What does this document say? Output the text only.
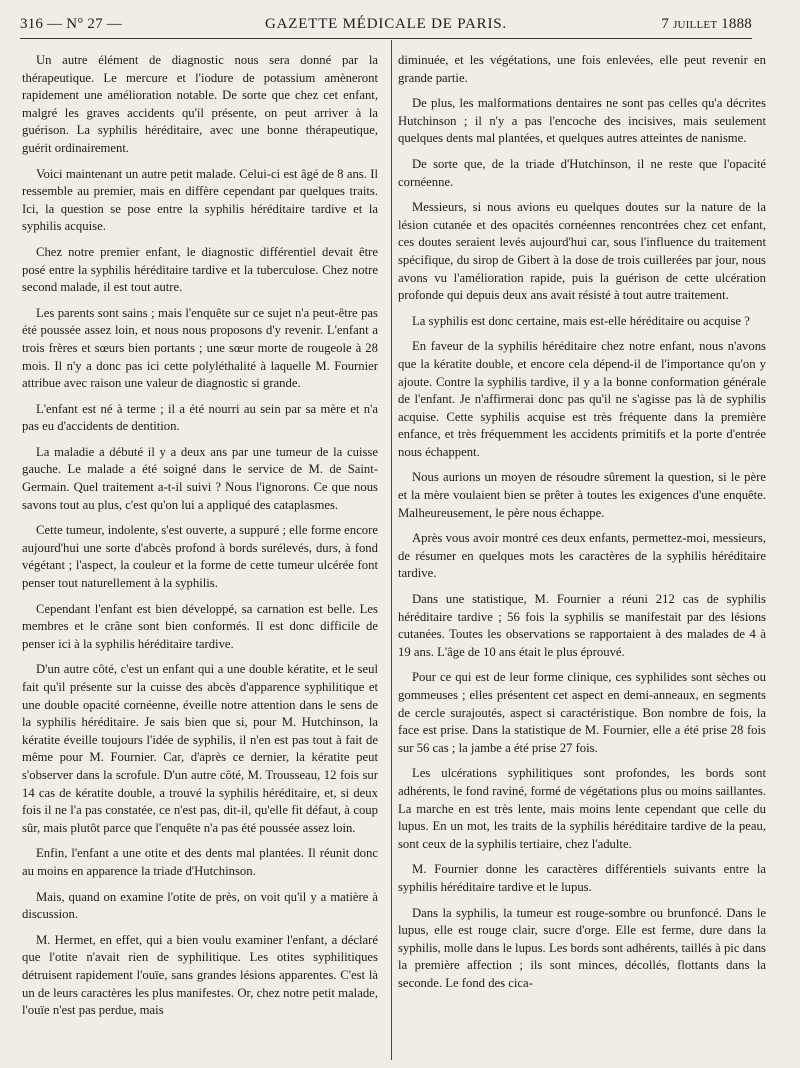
316 — N° 27 —	GAZETTE MÉDICALE DE PARIS.	7 juillet 1888

Un autre élément de diagnostic nous sera donné par la thérapeutique. Le mercure et l'iodure de potassium amèneront rapidement une amélioration notable. De sorte que chez cet enfant, malgré les graves accidents qu'il présente, on peut arriver à la guérison. La syphilis héréditaire, avec une bonne thérapeutique, guérit ordinairement.

Voici maintenant un autre petit malade. Celui-ci est âgé de 8 ans. Il ressemble au premier, mais en diffère cependant par quelques traits. Ici, la question se pose entre la syphilis héréditaire tardive et la syphilis acquise.

Chez notre premier enfant, le diagnostic différentiel devait être posé entre la syphilis héréditaire tardive et la tuberculose. Chez notre second malade, il est tout autre.

Les parents sont sains ; mais l'enquête sur ce sujet n'a peut-être pas été poussée assez loin, et nous nous proposons d'y revenir. L'enfant a trois frères et sœurs bien portants ; une sœur morte de rougeole à 28 mois. Il n'y a donc pas ici cette polyléthalité à laquelle M. Fournier attribue avec raison une valeur de diagnostic si grande.

L'enfant est né à terme ; il a été nourri au sein par sa mère et n'a pas eu d'accidents de dentition.

La maladie a débuté il y a deux ans par une tumeur de la cuisse gauche. Le malade a été soigné dans le service de M. de Saint-Germain. Quel traitement a-t-il suivi ? Nous l'ignorons. Ce que nous savons tout au plus, c'est qu'on lui a appliqué des cataplasmes.

Cette tumeur, indolente, s'est ouverte, a suppuré ; elle forme encore aujourd'hui une sorte d'abcès profond à bords surélevés, durs, à fond végétant ; l'aspect, la couleur et la forme de cette tumeur ulcérée font penser tout naturellement à la syphilis.

Cependant l'enfant est bien développé, sa carnation est belle. Les membres et le crâne sont bien conformés. Il est donc difficile de penser ici à la syphilis héréditaire tardive.

D'un autre côté, c'est un enfant qui a une double kératite, et le seul fait qu'il présente sur la cuisse des abcès d'apparence syphilitique et une double opacité cornéenne, éveille notre attention dans le sens de la syphilis héréditaire. Je sais bien que si, pour M. Hutchinson, la kératite éveille toujours l'idée de syphilis, il n'en est pas tout à fait de même pour M. Fournier. Car, d'après ce dernier, la kératite peut s'observer dans la scrofule. D'un autre côté, M. Trousseau, 12 fois sur 14 cas de kératite double, a trouvé la syphilis héréditaire, et, si deux fois il ne l'a pas constatée, ce n'est pas, dit-il, qu'elle fit défaut, à coup sûr, mais plutôt parce que l'enquête n'a pas été poussée assez loin.

Enfin, l'enfant a une otite et des dents mal plantées. Il réunit donc au moins en apparence la triade d'Hutchinson.

Mais, quand on examine l'otite de près, on voit qu'il y a matière à discussion.

M. Hermet, en effet, qui a bien voulu examiner l'enfant, a déclaré que l'otite n'avait rien de syphilitique. Les otites syphilitiques détruisent rapidement l'ouïe, sans grandes lésions apparentes. C'est là un de leurs caractères les plus manifestes. Or, chez notre petit malade, l'ouïe n'est pas perdue, mais

diminuée, et les végétations, une fois enlevées, elle peut revenir en grande partie.

De plus, les malformations dentaires ne sont pas celles qu'a décrites Hutchinson ; il n'y a pas l'encoche des incisives, mais seulement quelques dents mal plantées, et quelques autres atteintes de nanisme.

De sorte que, de la triade d'Hutchinson, il ne reste que l'opacité cornéenne.

Messieurs, si nous avions eu quelques doutes sur la nature de la lésion cutanée et des opacités cornéennes rencontrées chez cet enfant, ces doutes seraient levés aujourd'hui car, sous l'influence du traitement spécifique, du sirop de Gibert à la dose de trois cuillerées par jour, nous avons vu l'amélioration rapide, puis la guérison de cette ulcération profonde qui depuis deux ans avait résisté à tout autre traitement.

La syphilis est donc certaine, mais est-elle héréditaire ou acquise ?

En faveur de la syphilis héréditaire chez notre enfant, nous n'avons que la kératite double, et encore cela dépend-il de l'importance qu'on y ajoute. Contre la syphilis tardive, il y a la bonne conformation générale de l'enfant. Je n'affirmerai donc pas qu'il ne s'agisse pas là de syphilis acquise. Cette syphilis acquise est très fréquente dans la première enfance, et très fréquemment les accidents primitifs et la porte d'entrée nous échappent.

Nous aurions un moyen de résoudre sûrement la question, si le père et la mère voulaient bien se prêter à toutes les exigences d'une enquête. Malheureusement, le père nous échappe.

Après vous avoir montré ces deux enfants, permettez-moi, messieurs, de résumer en quelques mots les caractères de la syphilis héréditaire tardive.

Dans une statistique, M. Fournier a réuni 212 cas de syphilis héréditaire tardive ; 56 fois la syphilis se manifestait par des lésions cutanées. Toutes les observations se rapportaient à des malades de 4 à 19 ans. L'âge de 10 ans était le plus éprouvé.

Pour ce qui est de leur forme clinique, ces syphilides sont sèches ou gommeuses ; elles présentent cet aspect en demi-anneaux, en segments de cercle surajoutés, aspect si caractéristique. Bon nombre de fois, la face est prise. Dans la statistique de M. Fournier, elle a été prise 28 fois sur 56 cas ; la jambe a été prise 27 fois.

Les ulcérations syphilitiques sont profondes, les bords sont adhérents, le fond raviné, formé de végétations plus ou moins saillantes. La marche en est très lente, mais moins lente cependant que celle du lupus. En un mot, les traits de la syphilis héréditaire tardive de la peau, sont ceux de la syphilis tertiaire, chez l'adulte.

M. Fournier donne les caractères différentiels suivants entre la syphilis héréditaire tardive et le lupus.

Dans la syphilis, la tumeur est rouge-sombre ou brunfoncé. Dans le lupus, elle est rouge clair, sucre d'orge. Elle est ferme, dure dans la syphilis, molle dans le lupus. Les bords sont adhérents, taillés à pic dans la première affection ; ils sont minces, décollés, flottants dans la seconde. Le fond des cica-
